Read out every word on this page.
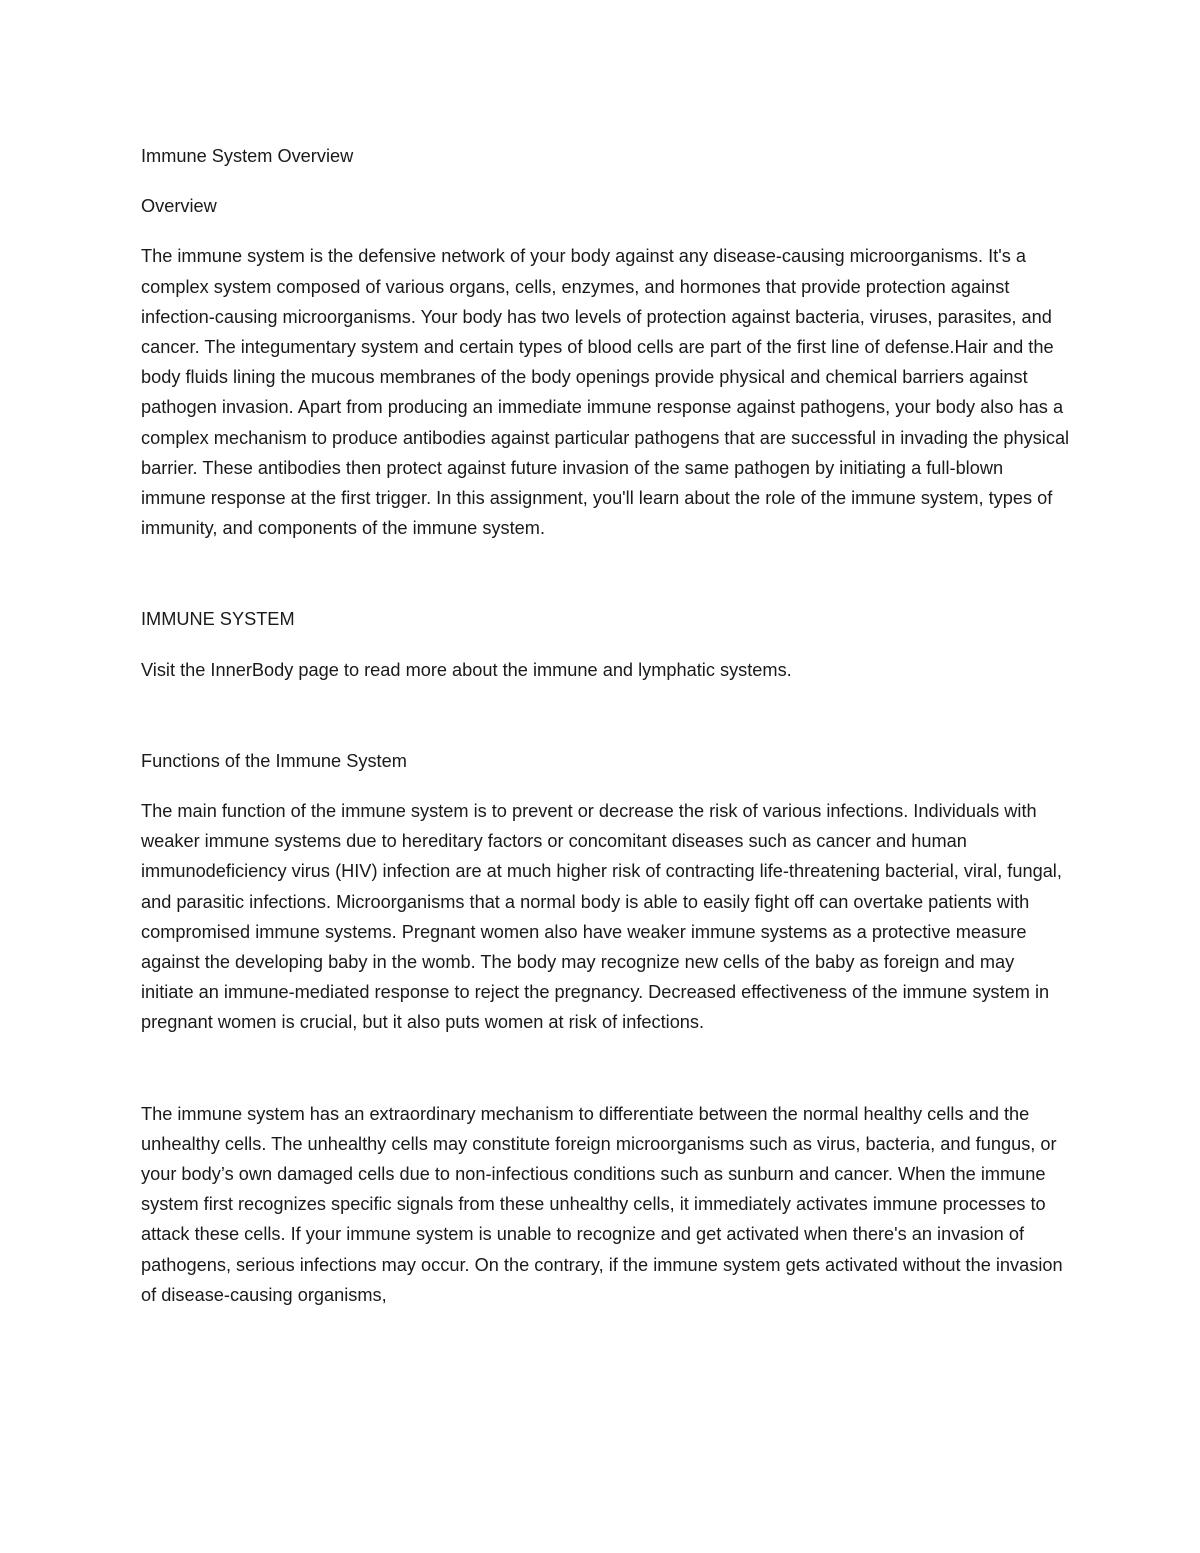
Immune System Overview

Overview

The immune system is the defensive network of your body against any disease-causing microorganisms. It's a complex system composed of various organs, cells, enzymes, and hormones that provide protection against infection-causing microorganisms. Your body has two levels of protection against bacteria, viruses, parasites, and cancer. The integumentary system and certain types of blood cells are part of the first line of defense.Hair and the body fluids lining the mucous membranes of the body openings provide physical and chemical barriers against pathogen invasion. Apart from producing an immediate immune response against pathogens, your body also has a complex mechanism to produce antibodies against particular pathogens that are successful in invading the physical barrier. These antibodies then protect against future invasion of the same pathogen by initiating a full-blown immune response at the first trigger. In this assignment, you'll learn about the role of the immune system, types of immunity, and components of the immune system.

IMMUNE SYSTEM

Visit the InnerBody page to read more about the immune and lymphatic systems.

Functions of the Immune System

The main function of the immune system is to prevent or decrease the risk of various infections. Individuals with weaker immune systems due to hereditary factors or concomitant diseases such as cancer and human immunodeficiency virus (HIV) infection are at much higher risk of contracting life-threatening bacterial, viral, fungal, and parasitic infections. Microorganisms that a normal body is able to easily fight off can overtake patients with compromised immune systems. Pregnant women also have weaker immune systems as a protective measure against the developing baby in the womb. The body may recognize new cells of the baby as foreign and may initiate an immune-mediated response to reject the pregnancy. Decreased effectiveness of the immune system in pregnant women is crucial, but it also puts women at risk of infections.

The immune system has an extraordinary mechanism to differentiate between the normal healthy cells and the unhealthy cells. The unhealthy cells may constitute foreign microorganisms such as virus, bacteria, and fungus, or your body’s own damaged cells due to non-infectious conditions such as sunburn and cancer. When the immune system first recognizes specific signals from these unhealthy cells, it immediately activates immune processes to attack these cells. If your immune system is unable to recognize and get activated when there's an invasion of pathogens, serious infections may occur. On the contrary, if the immune system gets activated without the invasion of disease-causing organisms,
